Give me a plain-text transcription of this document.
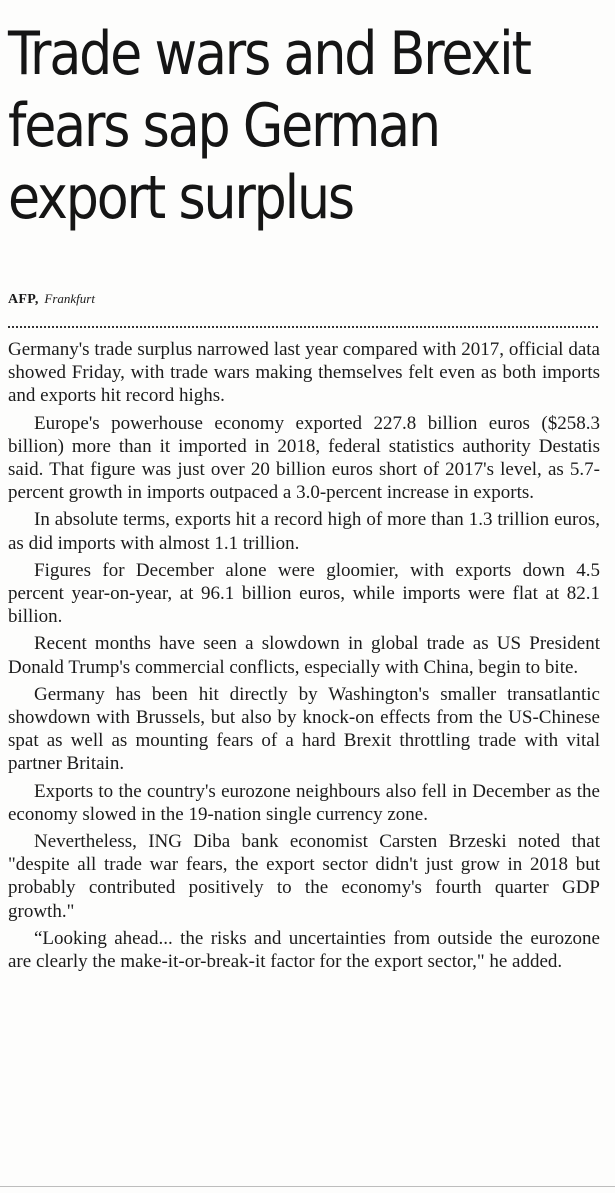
Trade wars and Brexit
fears sap German
export surplus
AFP, Frankfurt

Germany's trade surplus narrowed last year compared with 2017, official data showed Friday, with trade wars making themselves felt even as both imports and exports hit record highs.

Europe's powerhouse economy exported 227.8 billion euros ($258.3 billion) more than it imported in 2018, federal statistics authority Destatis said. That figure was just over 20 billion euros short of 2017's level, as 5.7-percent growth in imports outpaced a 3.0-percent increase in exports.

In absolute terms, exports hit a record high of more than 1.3 trillion euros, as did imports with almost 1.1 trillion.

Figures for December alone were gloomier, with exports down 4.5 percent year-on-year, at 96.1 billion euros, while imports were flat at 82.1 billion.

Recent months have seen a slowdown in global trade as US President Donald Trump's commercial conflicts, especially with China, begin to bite.

Germany has been hit directly by Washington's smaller transatlantic showdown with Brussels, but also by knock-on effects from the US-Chinese spat as well as mounting fears of a hard Brexit throttling trade with vital partner Britain.

Exports to the country's eurozone neighbours also fell in December as the economy slowed in the 19-nation single currency zone.

Nevertheless, ING Diba bank economist Carsten Brzeski noted that "despite all trade war fears, the export sector didn't just grow in 2018 but probably contributed positively to the economy's fourth quarter GDP growth."

“Looking ahead... the risks and uncertainties from outside the eurozone are clearly the make-it-or-break-it factor for the export sector," he added.
